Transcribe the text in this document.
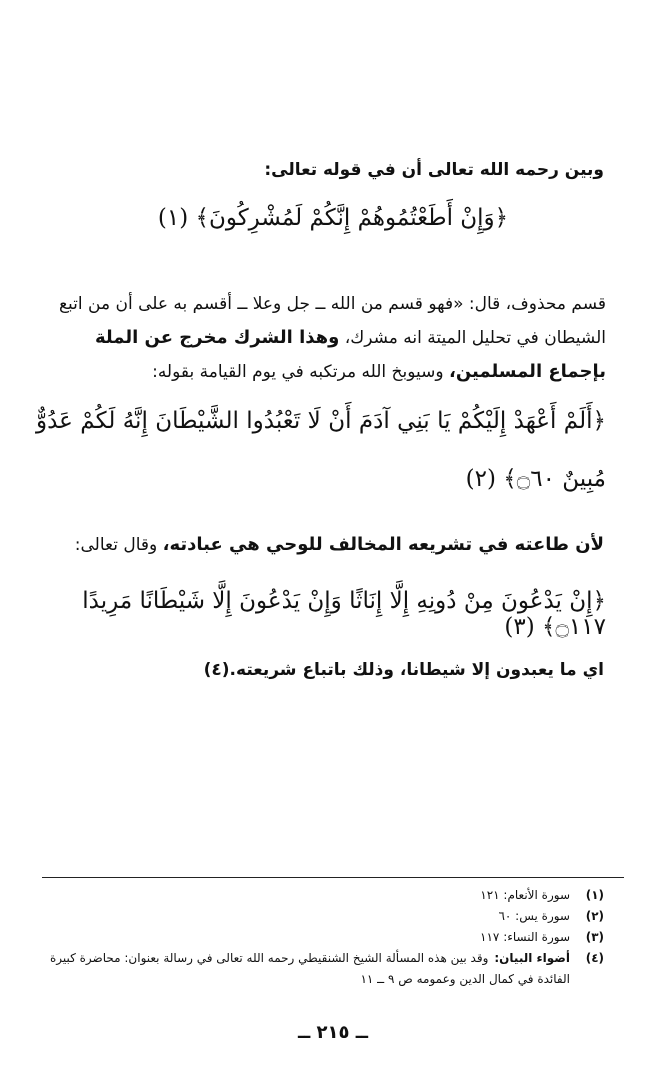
وبين رحمه الله تعالى أن في قوله تعالى:
﴿وَإِنْ أَطَعْتُمُوهُمْ إِنَّكُمْ لَمُشْرِكُونَ﴾ (١)
قسم محذوف، قال: «فهو قسم من الله ــ جل وعلا ــ أقسم به على أن من اتبع الشيطان في تحليل الميتة انه مشرك، وهذا الشرك مخرج عن الملة بإجماع المسلمين، وسيوبخ الله مرتكبه في يوم القيامة بقوله:
﴿أَلَمْ أَعْهَدْ إِلَيْكُمْ يَا بَنِي آدَمَ أَنْ لَا تَعْبُدُوا الشَّيْطَانَ إِنَّهُ لَكُمْ عَدُوٌّ مُبِينٌ ۝٦٠﴾ (٢)
لأن طاعته في تشريعه المخالف للوحي هي عبادته، وقال تعالى:
﴿إِنْ يَدْعُونَ مِنْ دُونِهِ إِلَّا إِنَاثًا وَإِنْ يَدْعُونَ إِلَّا شَيْطَانًا مَرِيدًا ۝١١٧﴾ (٣)
اي ما يعبدون إلا شيطانا، وذلك باتباع شريعته.(٤)
(١)
سورة الأنعام: ١٢١
(٢)
سورة يس: ٦٠
(٣)
سورة النساء: ١١٧
(٤)
أضواء البيان:وقد بين هذه المسألة الشيخ الشنقيطي رحمه الله تعالى في رسالة بعنوان: محاضرة كبيرة الفائدة في كمال الدين وعمومه ص ٩ ــ ١١
ــ ٢١٥ ــ
